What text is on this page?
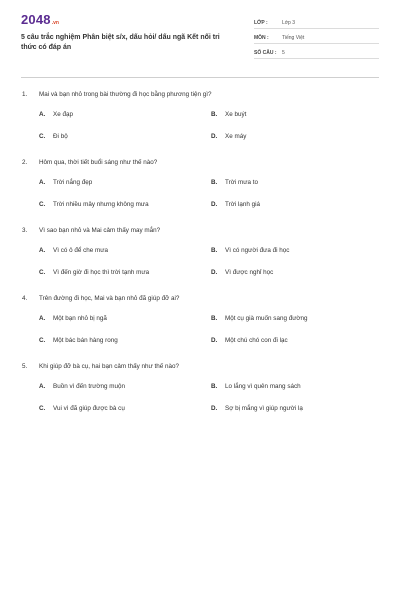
2048 .vn
5 câu trắc nghiệm Phân biệt s/x, dấu hỏi/ dấu ngã Kết nối tri thức có đáp án
LỚP :	Lớp 3
MÔN :	Tiếng Việt
SỐ CÂU :	5
1.	Mai và bạn nhỏ trong bài thường đi học bằng phương tiện gì?
A.	Xe đạp	B.	Xe buýt
C.	Đi bộ	D.	Xe máy
2.	Hôm qua, thời tiết buổi sáng như thế nào?
A.	Trời nắng đẹp	B.	Trời mưa to
C.	Trời nhiều mây nhưng không mưa	D.	Trời lạnh giá
3.	Vì sao bạn nhỏ và Mai cảm thấy may mắn?
A.	Vì có ô để che mưa	B.	Vì có người đưa đi học
C.	Vì đến giờ đi học thì trời tạnh mưa	D.	Vì được nghỉ học
4.	Trên đường đi học, Mai và bạn nhỏ đã giúp đỡ ai?
A.	Một bạn nhỏ bị ngã	B.	Một cụ già muốn sang đường
C.	Một bác bán hàng rong	D.	Một chú chó con đi lạc
5.	Khi giúp đỡ bà cụ, hai bạn cảm thấy như thế nào?
A.	Buồn vì đến trường muộn	B.	Lo lắng vì quên mang sách
C.	Vui vì đã giúp được bà cụ	D.	Sợ bị mắng vì giúp người lạ
